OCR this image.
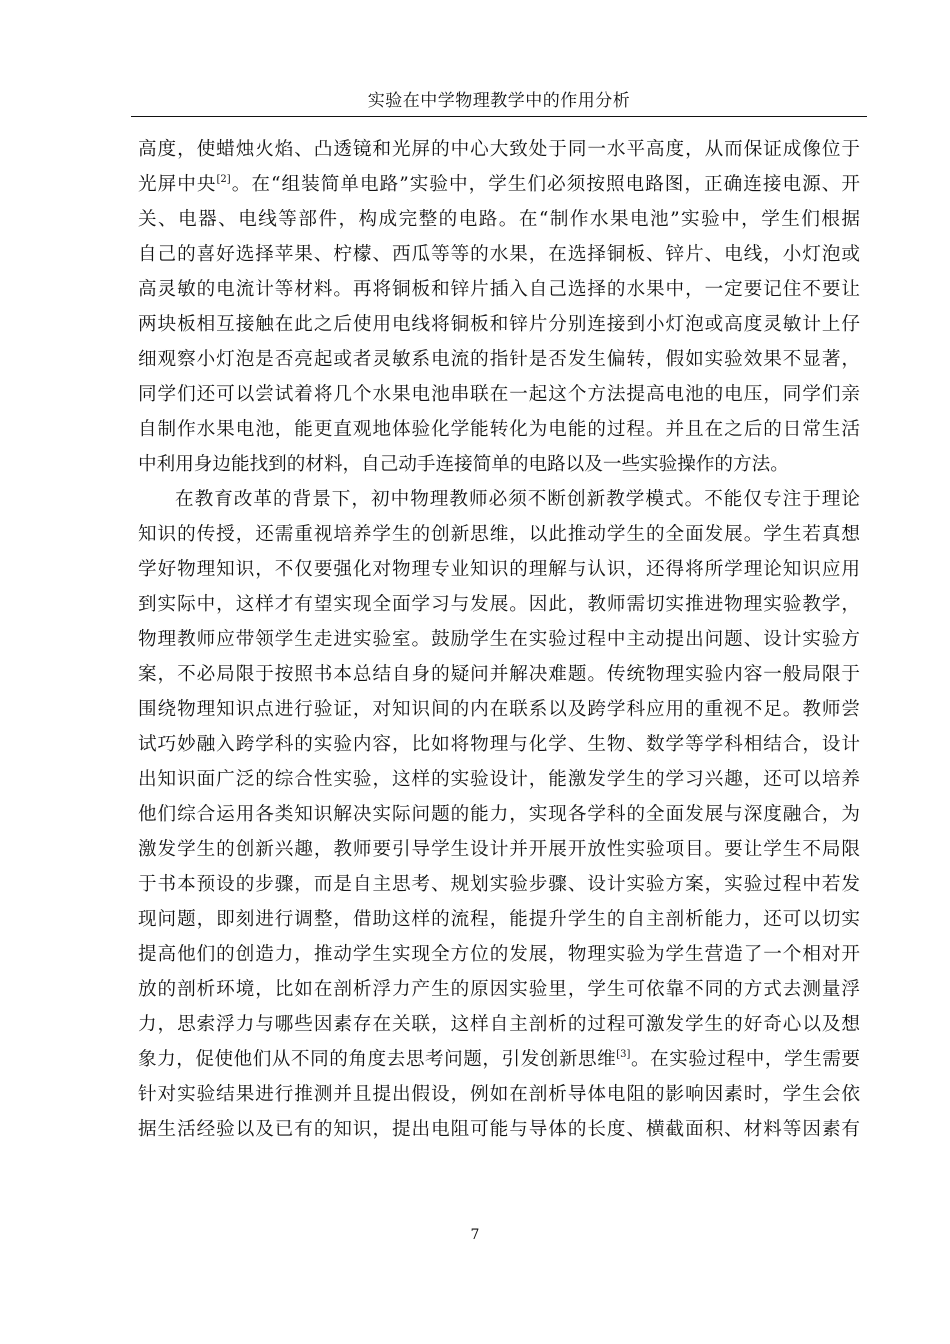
实验在中学物理教学中的作用分析
高度，使蜡烛火焰、凸透镜和光屏的中心大致处于同一水平高度，从而保证成像位于
光屏中央[2]。在“组装简单电路”实验中，学生们必须按照电路图，正确连接电源、开
关、电器、电线等部件，构成完整的电路。在“制作水果电池”实验中，学生们根据
自己的喜好选择苹果、柠檬、西瓜等等的水果，在选择铜板、锌片、电线，小灯泡或
高灵敏的电流计等材料。再将铜板和锌片插入自己选择的水果中，一定要记住不要让
两块板相互接触在此之后使用电线将铜板和锌片分别连接到小灯泡或高度灵敏计上仔
细观察小灯泡是否亮起或者灵敏系电流的指针是否发生偏转，假如实验效果不显著，
同学们还可以尝试着将几个水果电池串联在一起这个方法提高电池的电压，同学们亲
自制作水果电池，能更直观地体验化学能转化为电能的过程。并且在之后的日常生活
中利用身边能找到的材料，自己动手连接简单的电路以及一些实验操作的方法。
在教育改革的背景下，初中物理教师必须不断创新教学模式。不能仅专注于理论
知识的传授，还需重视培养学生的创新思维，以此推动学生的全面发展。学生若真想
学好物理知识，不仅要强化对物理专业知识的理解与认识，还得将所学理论知识应用
到实际中，这样才有望实现全面学习与发展。因此，教师需切实推进物理实验教学，
物理教师应带领学生走进实验室。鼓励学生在实验过程中主动提出问题、设计实验方
案，不必局限于按照书本总结自身的疑问并解决难题。传统物理实验内容一般局限于
围绕物理知识点进行验证，对知识间的内在联系以及跨学科应用的重视不足。教师尝
试巧妙融入跨学科的实验内容，比如将物理与化学、生物、数学等学科相结合，设计
出知识面广泛的综合性实验，这样的实验设计，能激发学生的学习兴趣，还可以培养
他们综合运用各类知识解决实际问题的能力，实现各学科的全面发展与深度融合，为
激发学生的创新兴趣，教师要引导学生设计并开展开放性实验项目。要让学生不局限
于书本预设的步骤，而是自主思考、规划实验步骤、设计实验方案，实验过程中若发
现问题，即刻进行调整，借助这样的流程，能提升学生的自主剖析能力，还可以切实
提高他们的创造力，推动学生实现全方位的发展，物理实验为学生营造了一个相对开
放的剖析环境，比如在剖析浮力产生的原因实验里，学生可依靠不同的方式去测量浮
力，思索浮力与哪些因素存在关联，这样自主剖析的过程可激发学生的好奇心以及想
象力，促使他们从不同的角度去思考问题，引发创新思维[3]。在实验过程中，学生需要
针对实验结果进行推测并且提出假设，例如在剖析导体电阻的影响因素时，学生会依
据生活经验以及已有的知识，提出电阻可能与导体的长度、横截面积、材料等因素有
7
